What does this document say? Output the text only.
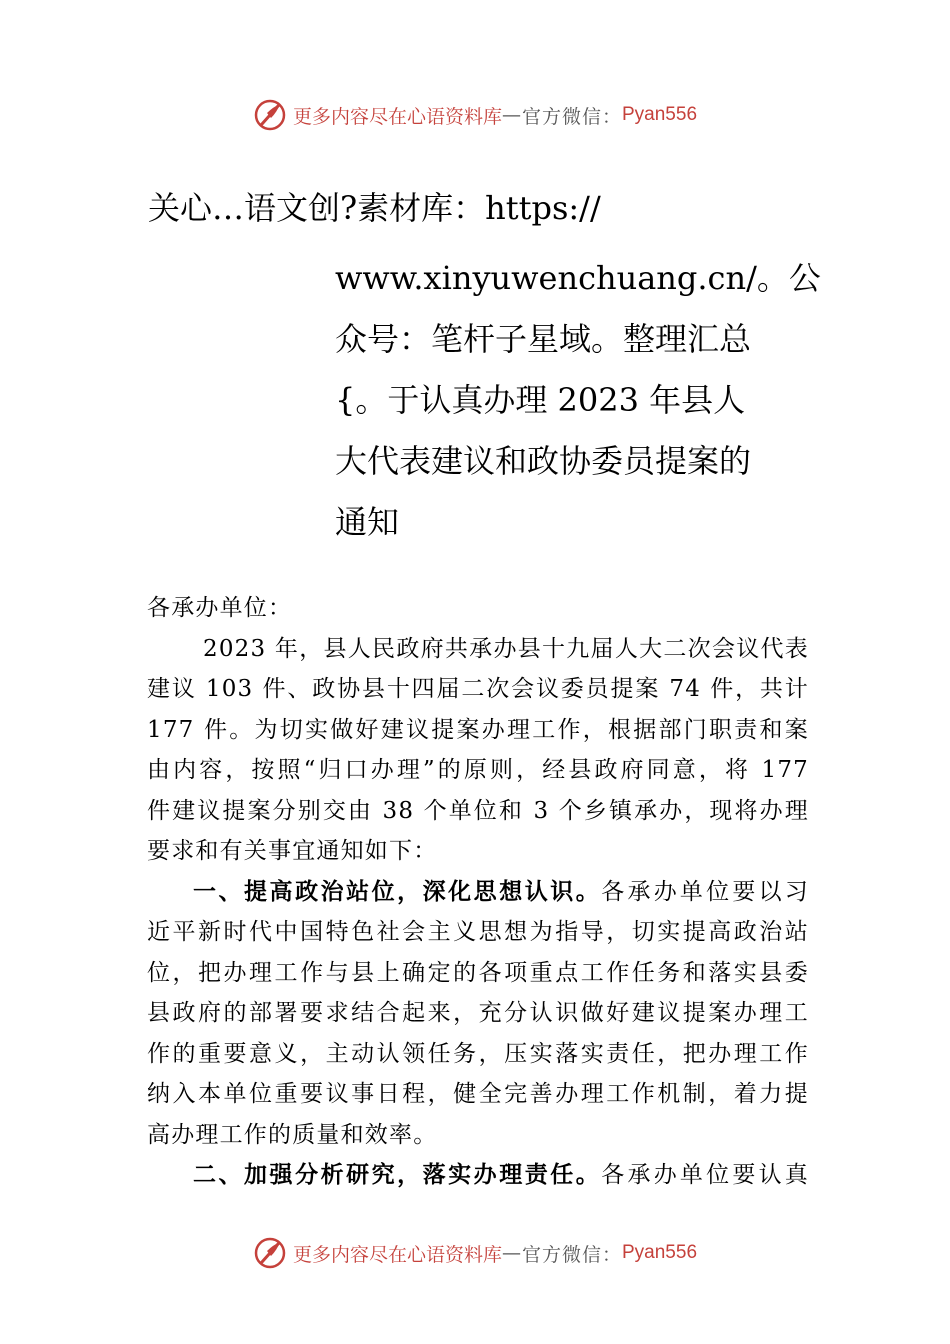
更多内容尽在心语资料库 — 官方微信： Pyan556
关心…语文创?素材库：https://
www.xinyuwenchuang.cn/。公
众号：笔杆子星域。整理汇总
{。于认真办理 2023 年县人
大代表建议和政协委员提案的
通知
各承办单位：
2023 年，县人民政府共承办县十九届人大二次会议代表
建议 103 件、政协县十四届二次会议委员提案 74 件，共计
177 件。为切实做好建议提案办理工作，根据部门职责和案
由内容，按照“归口办理”的原则，经县政府同意，将 177
件建议提案分别交由 38 个单位和 3 个乡镇承办，现将办理
要求和有关事宜通知如下：
一、提高政治站位，深化思想认识。各承办单位要以习
近平新时代中国特色社会主义思想为指导，切实提高政治站
位，把办理工作与县上确定的各项重点工作任务和落实县委
县政府的部署要求结合起来，充分认识做好建议提案办理工
作的重要意义，主动认领任务，压实落实责任，把办理工作
纳入本单位重要议事日程，健全完善办理工作机制，着力提
高办理工作的质量和效率。
二、加强分析研究，落实办理责任。各承办单位要认真
更多内容尽在心语资料库 — 官方微信： Pyan556
